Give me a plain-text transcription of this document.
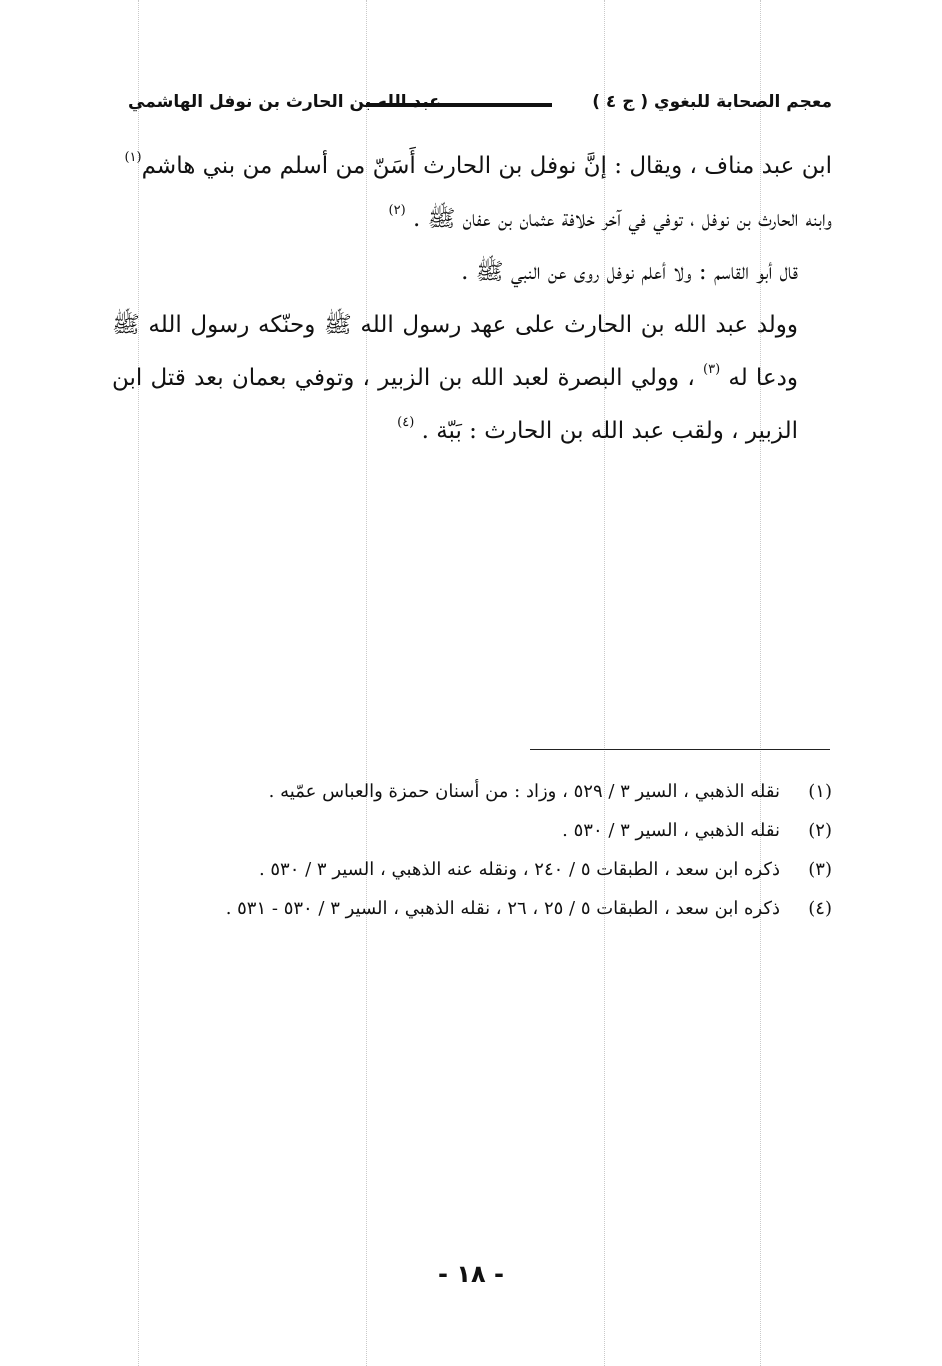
معجم الصحابة للبغوي ( ج ٤ )
عبد الله بن الحارث بن نوفل الهاشمي

ابن عبد مناف ، ويقال : إنَّ نوفل بن الحارث أَسَنّ من أسلم من بني هاشم$^{(١)}$

وابنه الحارث بن نوفل ، توفي في آخر خلافة عثمان بن عفان ﷺ . $^{(٢)}$

قال أبو القاسم : ولا أعلم نوفل روى عن النبي ﷺ .

وولد عبد الله بن الحارث على عهد رسول الله ﷺ وحنّكه رسول الله ﷺ ودعا له $^{(٣)}$ ، وولي البصرة لعبد الله بن الزبير ، وتوفي بعمان بعد قتل ابن الزبير ، ولقب عبد الله بن الحارث : بَبّة . $^{(٤)}$

(١)
نقله الذهبي ، السير ٣ / ٥٢٩ ، وزاد : من أسنان حمزة والعباس عمّيه .
(٢)
نقله الذهبي ، السير ٣ / ٥٣٠ .
(٣)
ذكره ابن سعد ، الطبقات ٥ / ٢٤٠ ، ونقله عنه الذهبي ، السير ٣ / ٥٣٠ .
(٤)
ذكره ابن سعد ، الطبقات ٥ / ٢٥ ، ٢٦ ، نقله الذهبي ، السير ٣ / ٥٣٠ - ٥٣١ .
- ١٨ -
